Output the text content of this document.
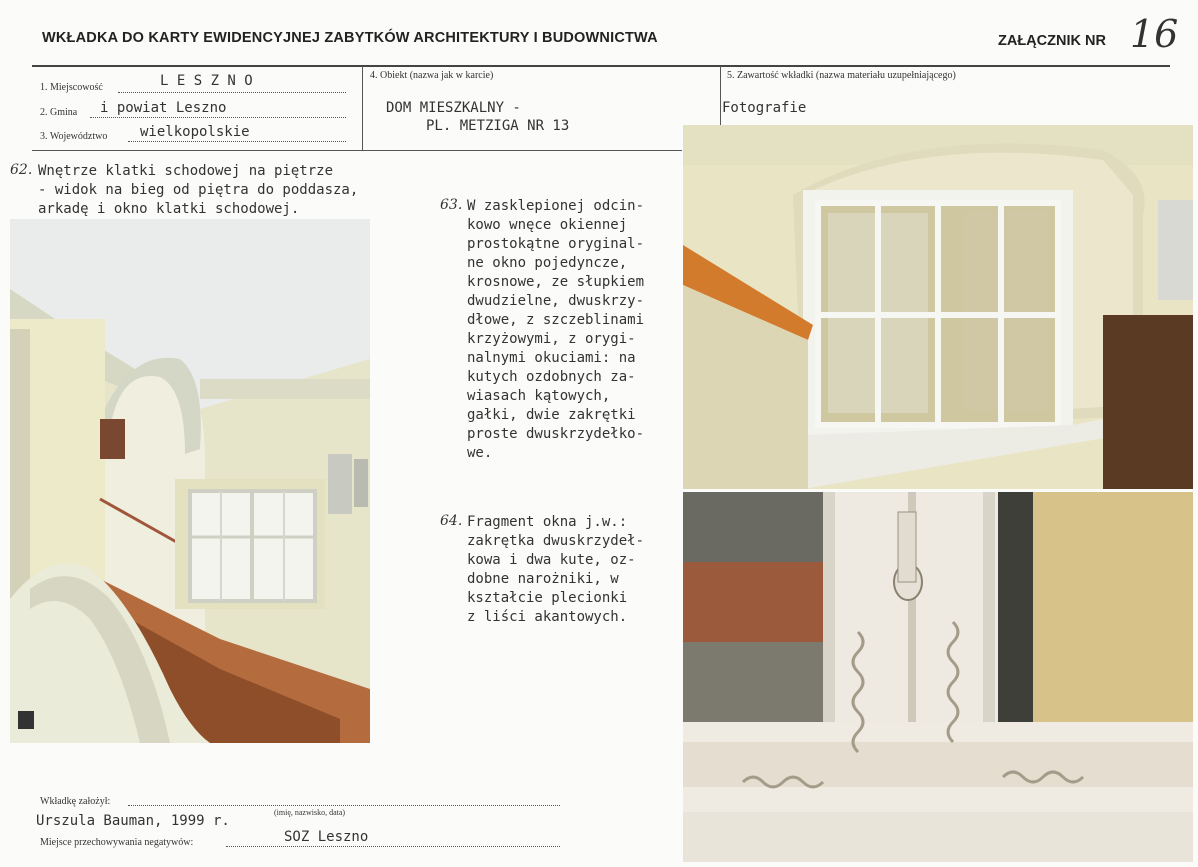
WKŁADKA DO KARTY EWIDENCYJNEJ ZABYTKÓW ARCHITEKTURY I BUDOWNICTWA	ZAŁĄCZNIK NR 16
1. Miejscowość	L E S Z N O
2. Gmina i powiat Leszno
3. Województwo wielkopolskie
4. Obiekt (nazwa jak w karcie)
DOM MIESZKALNY -
PL. METZIGA NR 13
5. Zawartość wkładki (nazwa materiału uzupełniającego)
Fotografie
62. Wnętrze klatki schodowej na piętrze
- widok na bieg od piętra do poddasza,
arkadę i okno klatki schodowej.	63. W zasklepionej odcin-
kowo wnęce okiennej
prostokątne oryginal-
ne okno pojedyncze,
krosnowe, ze słupkiem
dwudzielne, dwuskrzy-
dłowe, z szczeblinami
krzyżowymi, z orygi-
nalnymi okuciami: na
kutych ozdobnych za-
wiasach kątowych,
gałki, dwie zakrętki
proste dwuskrzydełko-
we.
64. Fragment okna j.w.:
zakrętka dwuskrzydeł-
kowa i dwa kute, oz-
dobne narożniki, w
kształcie plecionki
z liści akantowych.
Wkładkę założył:
Urszula Bauman, 1999 r.
(imię, nazwisko, data)
Miejsce przechowywania negatywów:	SOZ Leszno
